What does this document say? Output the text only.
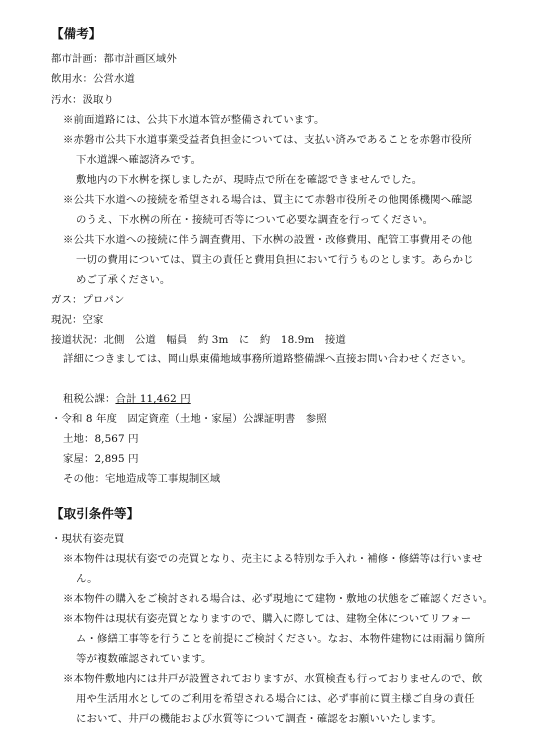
【備考】
都市計画：都市計画区域外
飲用水：公営水道
汚水：汲取り
※前面道路には、公共下水道本管が整備されています。
※赤磐市公共下水道事業受益者負担金については、支払い済みであることを赤磐市役所
下水道課へ確認済みです。
敷地内の下水桝を探しましたが、現時点で所在を確認できませんでした。
※公共下水道への接続を希望される場合は、買主にて赤磐市役所その他関係機関へ確認
のうえ、下水桝の所在・接続可否等について必要な調査を行ってください。
※公共下水道への接続に伴う調査費用、下水桝の設置・改修費用、配管工事費用その他
一切の費用については、買主の責任と費用負担において行うものとします。あらかじ
めご了承ください。
ガス：プロパン
現況：空家
接道状況：北側　公道　幅員　約 3m　に　約　18.9m　接道
詳細につきましては、岡山県東備地域事務所道路整備課へ直接お問い合わせください。
租税公課：合計 11,462 円
・令和 8 年度　固定資産（土地・家屋）公課証明書　参照
土地：8,567 円
家屋：2,895 円
その他：宅地造成等工事規制区域
【取引条件等】
・現状有姿売買
※本物件は現状有姿での売買となり、売主による特別な手入れ・補修・修繕等は行いませ
ん。
※本物件の購入をご検討される場合は、必ず現地にて建物・敷地の状態をご確認ください。
※本物件は現状有姿売買となりますので、購入に際しては、建物全体についてリフォー
ム・修繕工事等を行うことを前提にご検討ください。なお、本物件建物には雨漏り箇所
等が複数確認されています。
※本物件敷地内には井戸が設置されておりますが、水質検査も行っておりませんので、飲
用や生活用水としてのご利用を希望される場合には、必ず事前に買主様ご自身の責任
において、井戸の機能および水質等について調査・確認をお願いいたします。
